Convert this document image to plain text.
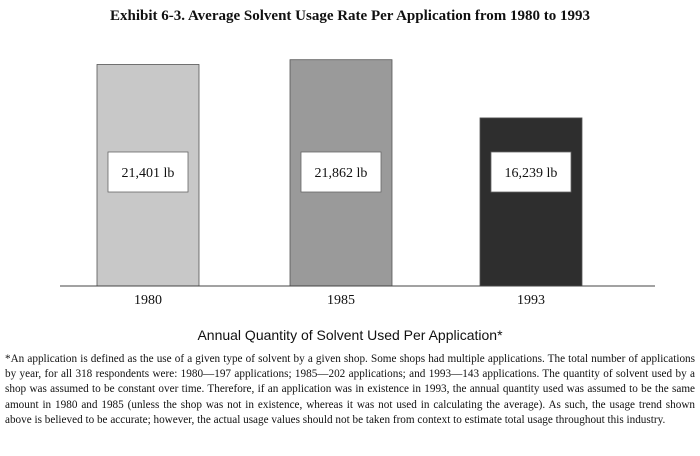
Exhibit 6-3. Average Solvent Usage Rate Per Application from 1980 to 1993
21,401 lb
1980
21,862 lb
1985
16,239 lb
1993
Annual Quantity of Solvent Used Per Application*
*An application is defined as the use of a given type of solvent by a given shop. Some shops had multiple applications. The total number of applications by year, for all 318 respondents were: 1980—197 applications; 1985—202 applications; and 1993—143 applications. The quantity of solvent used by a shop was assumed to be constant over time. Therefore, if an application was in existence in 1993, the annual quantity used was assumed to be the same amount in 1980 and 1985 (unless the shop was not in existence, whereas it was not used in calculating the average). As such, the usage trend shown above is believed to be accurate; however, the actual usage values should not be taken from context to estimate total usage throughout this industry.
